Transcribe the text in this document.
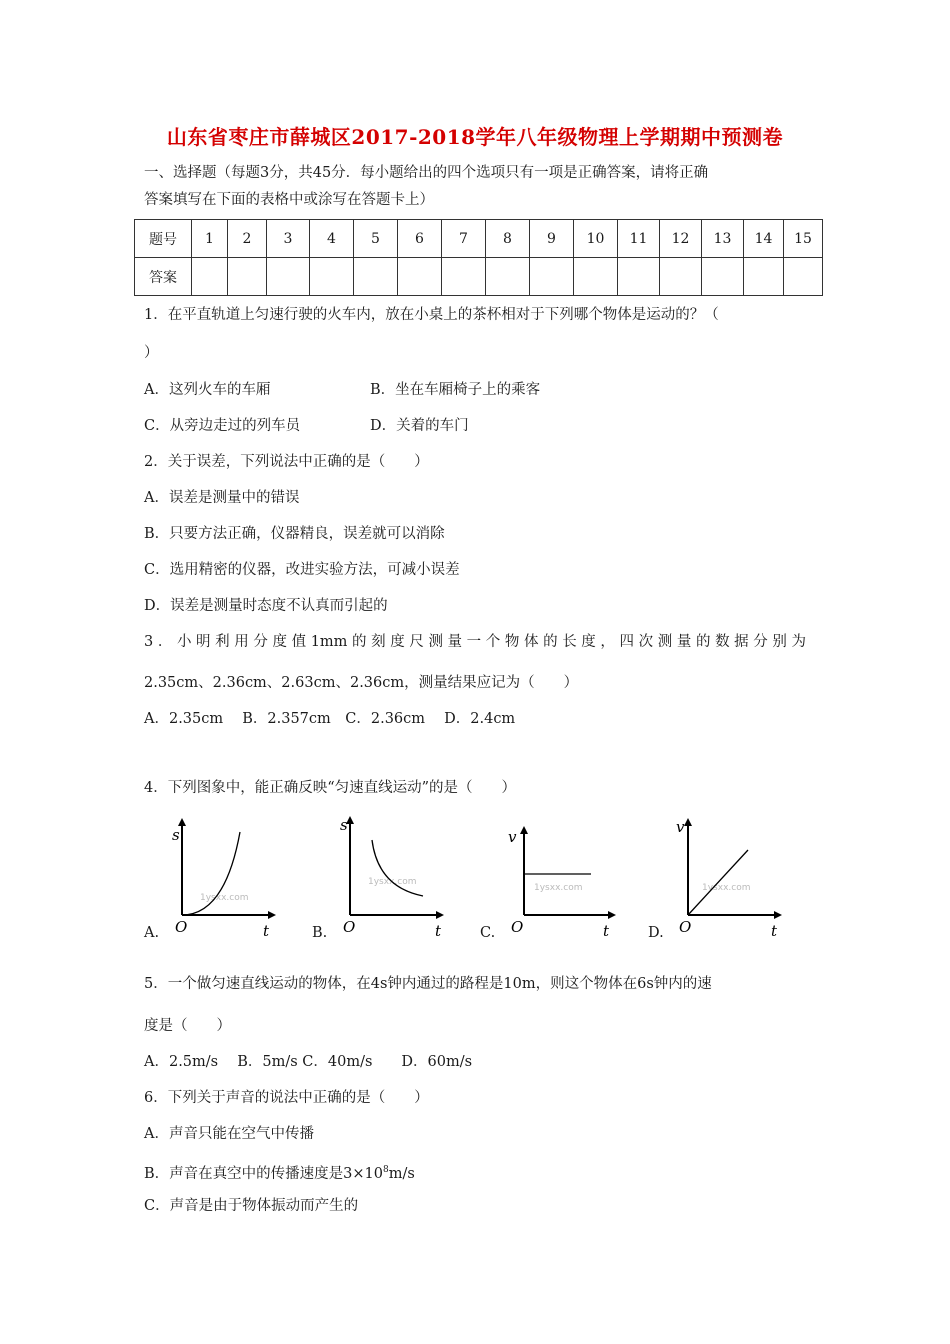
山东省枣庄市薛城区2017-2018学年八年级物理上学期期中预测卷
一、选择题（每题3分，共45分．每小题给出的四个选项只有一项是正确答案，请将正确
答案填写在下面的表格中或涂写在答题卡上）
题号	1	2	3	4	5	6	7	8	9	10	11	12	13	14	15
答案															
1．在平直轨道上匀速行驶的火车内，放在小桌上的茶杯相对于下列哪个物体是运动的？（
）
A．这列火车的车厢	B．坐在车厢椅子上的乘客
C．从旁边走过的列车员	D．关着的车门
2．关于误差，下列说法中正确的是（　　）
A．误差是测量中的错误
B．只要方法正确，仪器精良，误差就可以消除
C．选用精密的仪器，改进实验方法，可减小误差
D．误差是测量时态度不认真而引起的
3．小明利用分度值1mm的刻度尺测量一个物体的长度，四次测量的数据分别为
2.35cm、2.36cm、2.63cm、2.36cm，测量结果应记为（　　）
A．2.35cm　 B．2.357cm　C．2.36cm　 D．2.4cm
4．下列图象中，能正确反映“匀速直线运动”的是（　　）
A.
s
O	t
1ysxx.com
B.
s
O	t
1ysxx.com
C.
v
O	t
1ysxx.com
D.
v
O	t
1ysxx.com
5．一个做匀速直线运动的物体，在4s钟内通过的路程是10m，则这个物体在6s钟内的速
度是（　　）
A．2.5m/s　 B．5m/s C．40m/s　　D．60m/s
6．下列关于声音的说法中正确的是（　　）
A．声音只能在空气中传播
B．声音在真空中的传播速度是$3\times 10^8m/s$
C．声音是由于物体振动而产生的
